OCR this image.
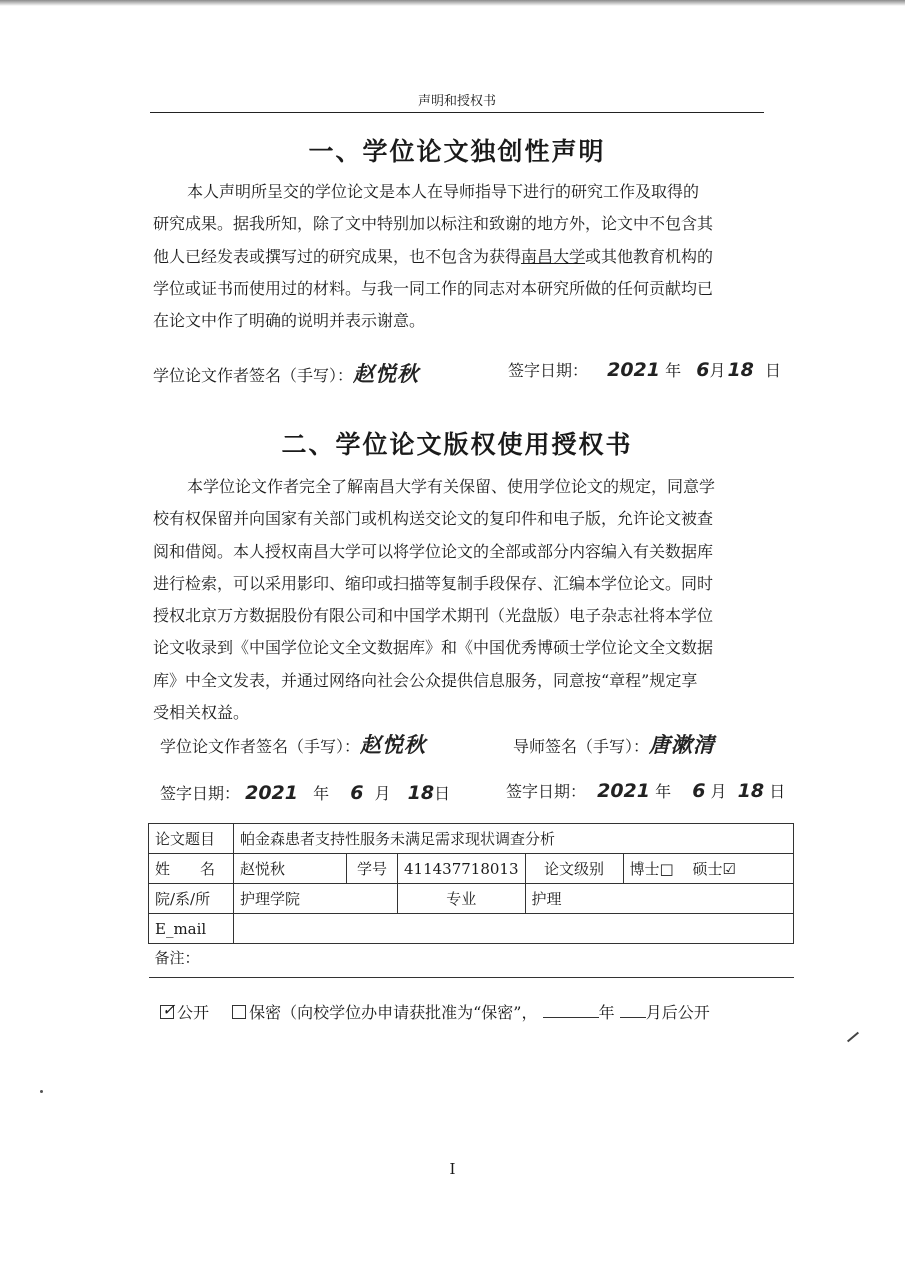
声明和授权书
一、学位论文独创性声明
本人声明所呈交的学位论文是本人在导师指导下进行的研究工作及取得的
研究成果。据我所知，除了文中特别加以标注和致谢的地方外，论文中不包含其
他人已经发表或撰写过的研究成果，也不包含为获得南昌大学或其他教育机构的
学位或证书而使用过的材料。与我一同工作的同志对本研究所做的任何贡献均已
在论文中作了明确的说明并表示谢意。
学位论文作者签名（手写）：赵悦秋	签字日期： 2021 年 6月 18 日
二、学位论文版权使用授权书
本学位论文作者完全了解南昌大学有关保留、使用学位论文的规定，同意学
校有权保留并向国家有关部门或机构送交论文的复印件和电子版，允许论文被查
阅和借阅。本人授权南昌大学可以将学位论文的全部或部分内容编入有关数据库
进行检索，可以采用影印、缩印或扫描等复制手段保存、汇编本学位论文。同时
授权北京万方数据股份有限公司和中国学术期刊（光盘版）电子杂志社将本学位
论文收录到《中国学位论文全文数据库》和《中国优秀博硕士学位论文全文数据
库》中全文发表，并通过网络向社会公众提供信息服务，同意按“章程”规定享
受相关权益。
学位论文作者签名（手写）：赵悦秋	导师签名（手写）：唐漱清
签字日期： 2021 年 6 月 18日	签字日期： 2021 年 6 月 18 日
论文题目	帕金森患者支持性服务未满足需求现状调查分析				
姓　　名	赵悦秋	学号	411437718013	论文级别	博士□ 硕士☑
院/系/所	护理学院		专业	护理	
E_mail					
备注：					
✓ 公开	保密（向校学位办申请获批准为“保密”，	年 月后公开
I
